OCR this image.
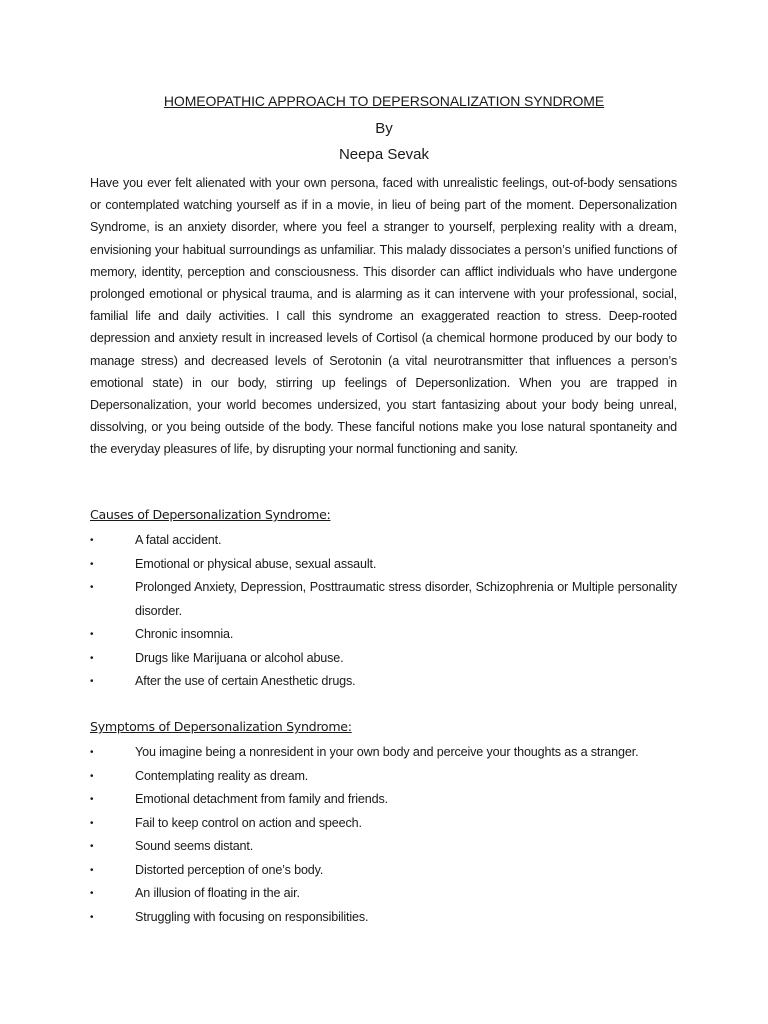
HOMEOPATHIC APPROACH TO DEPERSONALIZATION SYNDROME
By
Neepa Sevak

Have you ever felt alienated with your own persona, faced with unrealistic feelings, out-of-body sensations or contemplated watching yourself as if in a movie, in lieu of being part of the moment. Depersonalization Syndrome, is an anxiety disorder, where you feel a stranger to yourself, perplexing reality with a dream, envisioning your habitual surroundings as unfamiliar. This malady dissociates a person’s unified functions of memory, identity, perception and consciousness. This disorder can afflict individuals who have undergone prolonged emotional or physical trauma, and is alarming as it can intervene with your professional, social, familial life and daily activities. I call this syndrome an exaggerated reaction to stress. Deep-rooted depression and anxiety result in increased levels of Cortisol (a chemical hormone produced by our body to manage stress) and decreased levels of Serotonin (a vital neurotransmitter that influences a person’s emotional state) in our body, stirring up feelings of Depersonlization. When you are trapped in Depersonalization, your world becomes undersized, you start fantasizing about your body being unreal, dissolving, or you being outside of the body. These fanciful notions make you lose natural spontaneity and the everyday pleasures of life, by disrupting your normal functioning and sanity.

Causes of Depersonalization Syndrome:
•	A fatal accident.
•	Emotional or physical abuse, sexual assault.
•	Prolonged Anxiety, Depression, Posttraumatic stress disorder, Schizophrenia or Multiple personality disorder.
•	Chronic insomnia.
•	Drugs like Marijuana or alcohol abuse.
•	After the use of certain Anesthetic drugs.
Symptoms of Depersonalization Syndrome:
•	You imagine being a nonresident in your own body and perceive your thoughts as a stranger.
•	Contemplating reality as dream.
•	Emotional detachment from family and friends.
•	Fail to keep control on action and speech.
•	Sound seems distant.
•	Distorted perception of one’s body.
•	An illusion of floating in the air.
•	Struggling with focusing on responsibilities.
